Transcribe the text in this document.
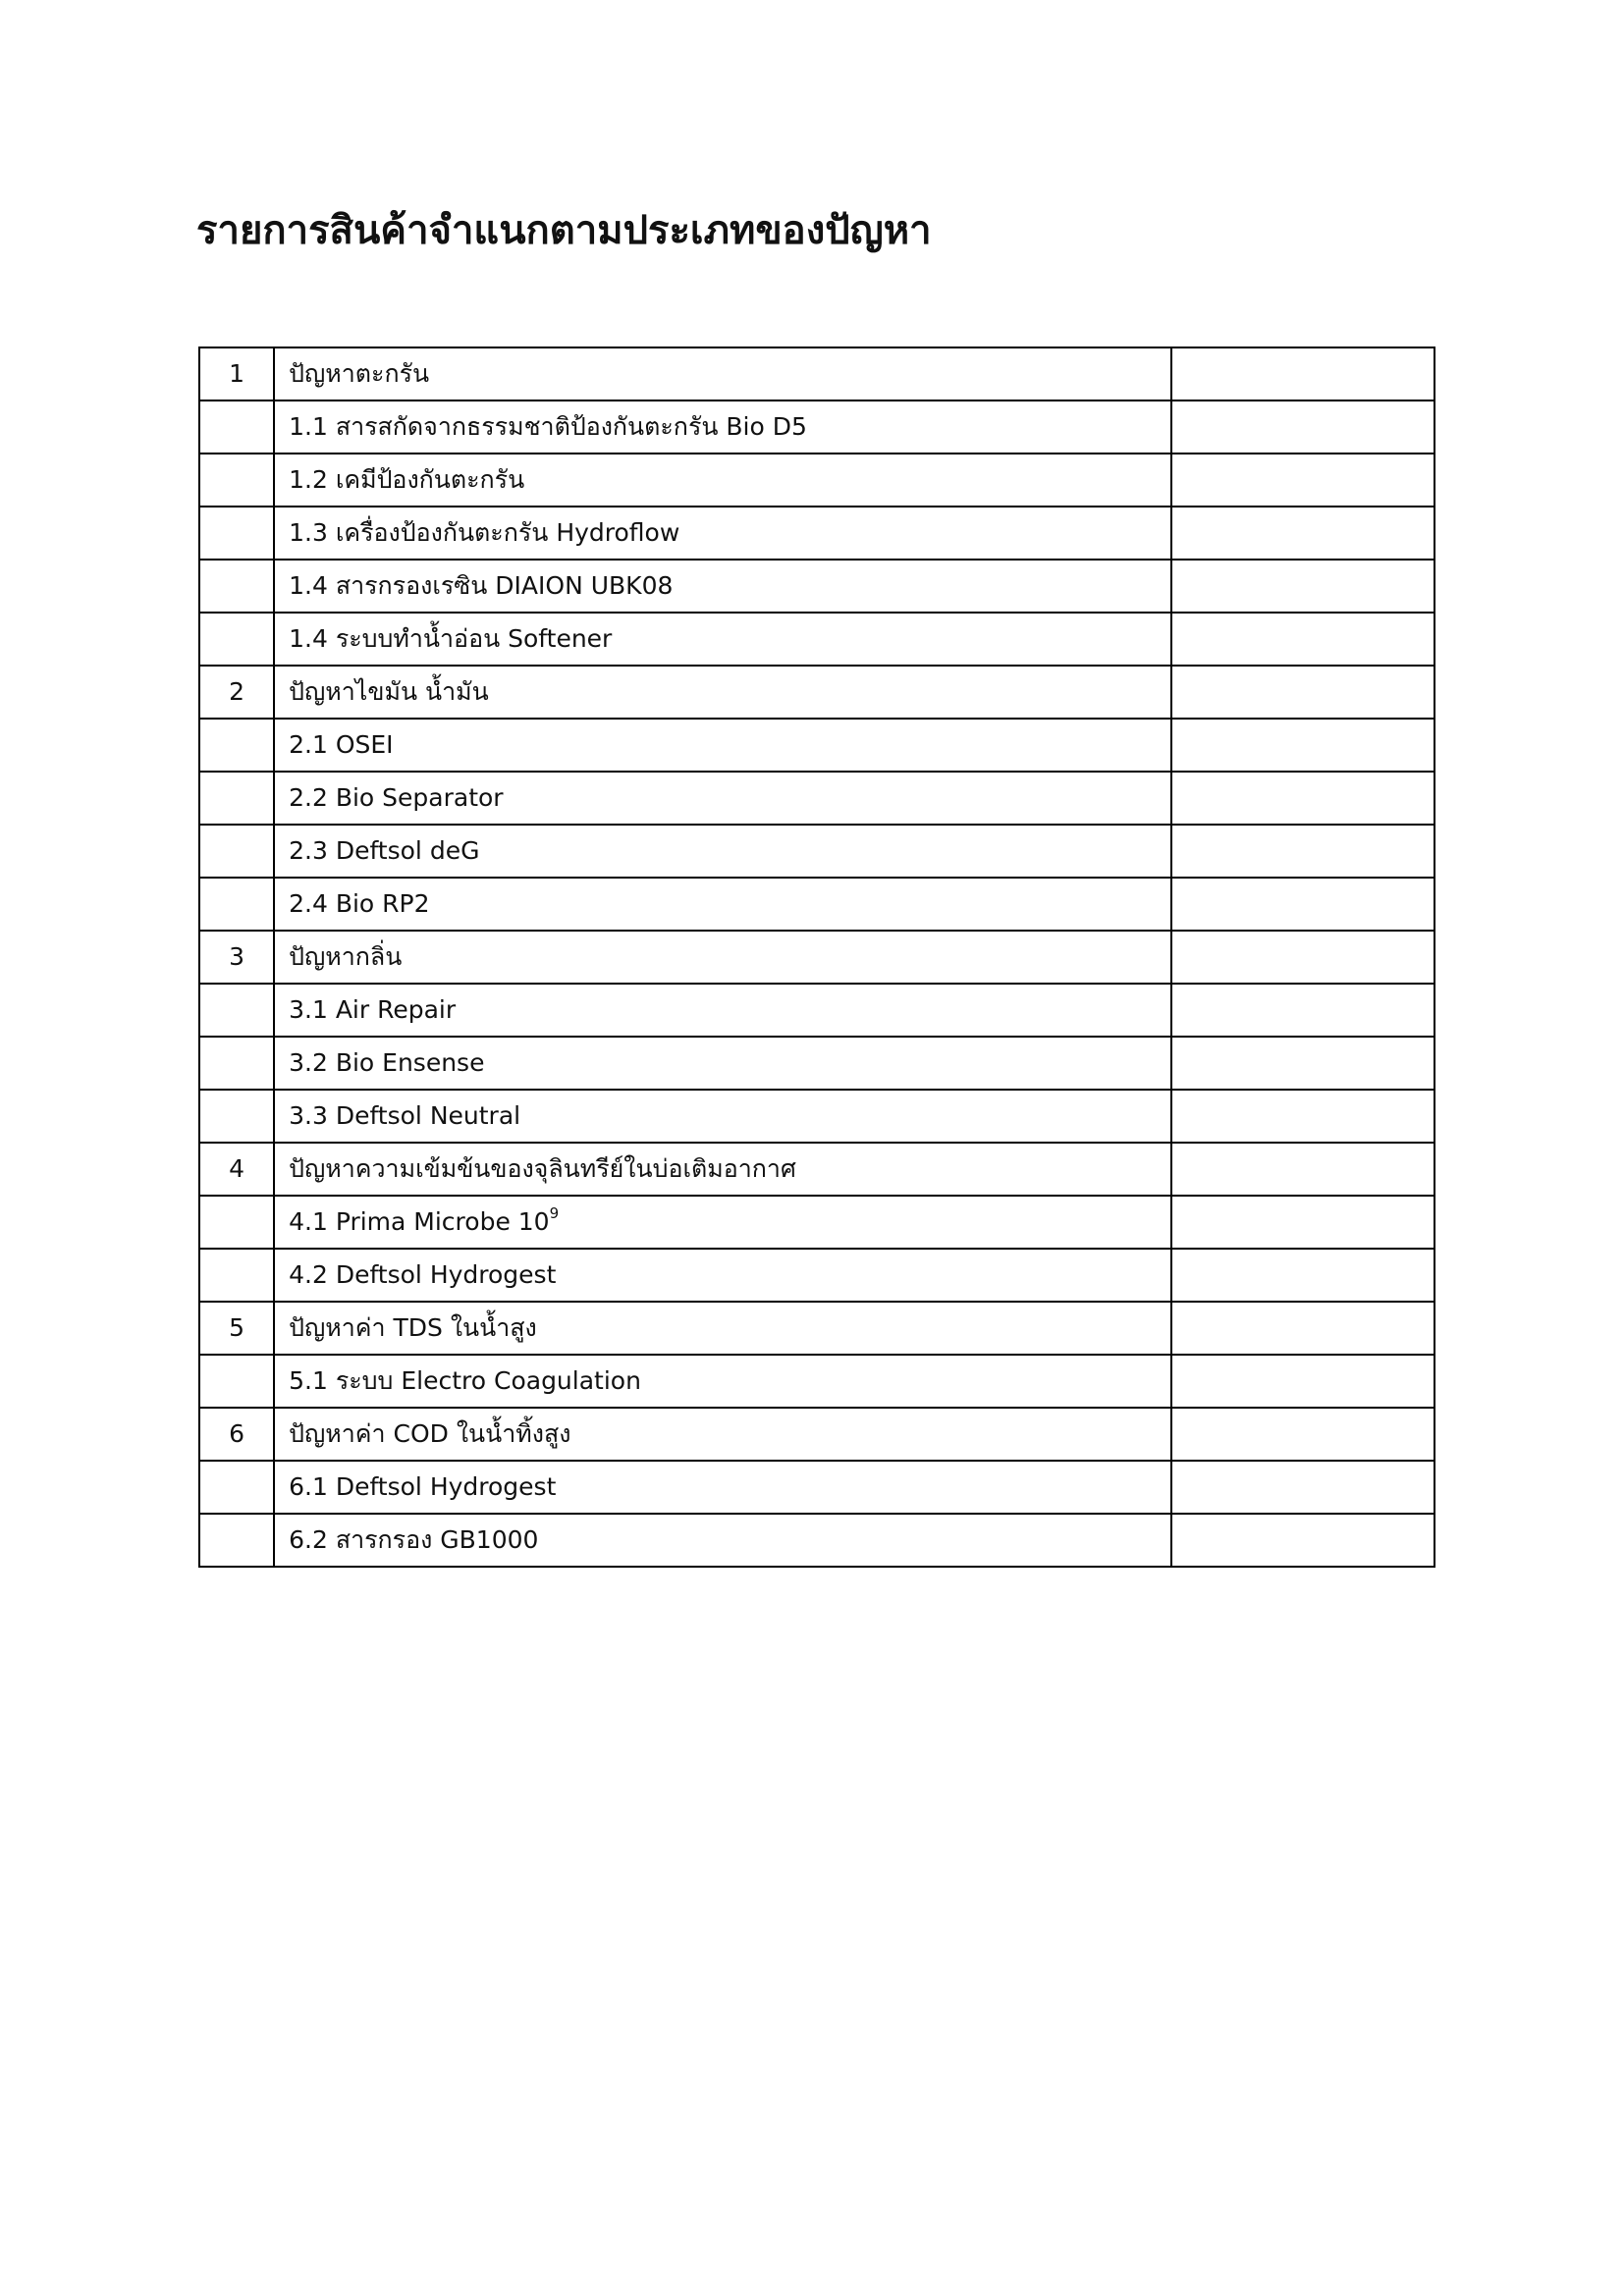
รายการสินค้าจำแนกตามประเภทของปัญหา
1	ปัญหาตะกรัน	
	1.1 สารสกัดจากธรรมชาติป้องกันตะกรัน Bio D5	
	1.2 เคมีป้องกันตะกรัน	
	1.3 เครื่องป้องกันตะกรัน Hydroflow	
	1.4 สารกรองเรซิน DIAION UBK08	
	1.4 ระบบทำน้ำอ่อน Softener	
2	ปัญหาไขมัน น้ำมัน	
	2.1 OSEI	
	2.2 Bio Separator	
	2.3 Deftsol deG	
	2.4 Bio RP2	
3	ปัญหากลิ่น	
	3.1 Air Repair	
	3.2 Bio Ensense	
	3.3 Deftsol Neutral	
4	ปัญหาความเข้มข้นของจุลินทรีย์ในบ่อเติมอากาศ	
	4.1 Prima Microbe $10^9$	
	4.2 Deftsol Hydrogest	
5	ปัญหาค่า TDS ในน้ำสูง	
	5.1 ระบบ Electro Coagulation	
6	ปัญหาค่า COD ในน้ำทิ้งสูง	
	6.1 Deftsol Hydrogest	
	6.2 สารกรอง GB1000	
